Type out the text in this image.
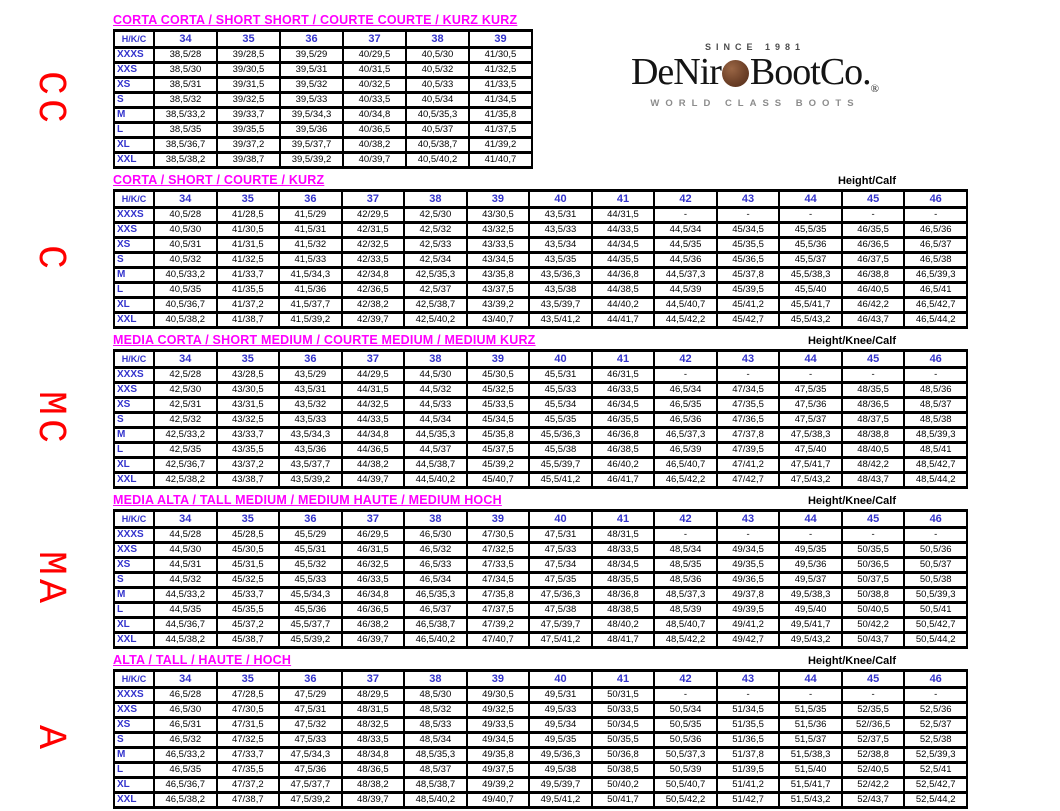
SINCE 1981
DeNir $BootCo._®$
WORLD CLASS BOOTS
CORTA CORTA / SHORT SHORT / COURTE COURTE / KURZ KURZ
CC
H/K/C	34	35	36	37	38	39
XXXS	38,5/28	39/28,5	39,5/29	40/29,5	40,5/30	41/30,5
XXS	38,5/30	39/30,5	39,5/31	40/31,5	40,5/32	41/32,5
XS	38,5/31	39/31,5	39,5/32	40/32,5	40,5/33	41/33,5
S	38,5/32	39/32,5	39,5/33	40/33,5	40,5/34	41/34,5
M	38,5/33,2	39/33,7	39,5/34,3	40/34,8	40,5/35,3	41/35,8
L	38,5/35	39/35,5	39,5/36	40/36,5	40,5/37	41/37,5
XL	38,5/36,7	39/37,2	39,5/37,7	40/38,2	40,5/38,7	41/39,2
XXL	38,5/38,2	39/38,7	39,5/39,2	40/39,7	40,5/40,2	41/40,7
CORTA / SHORT / COURTE / KURZ	Height/Calf
C
H/K/C	34	35	36	37	38	39	40	41	42	43	44	45	46
XXXS	40,5/28	41/28,5	41,5/29	42/29,5	42,5/30	43/30,5	43,5/31	44/31,5	-	-	-	-	-
XXS	40,5/30	41/30,5	41,5/31	42/31,5	42,5/32	43/32,5	43,5/33	44/33,5	44,5/34	45/34,5	45,5/35	46/35,5	46,5/36
XS	40,5/31	41/31,5	41,5/32	42/32,5	42,5/33	43/33,5	43,5/34	44/34,5	44,5/35	45/35,5	45,5/36	46/36,5	46,5/37
S	40,5/32	41/32,5	41,5/33	42/33,5	42,5/34	43/34,5	43,5/35	44/35,5	44,5/36	45/36,5	45,5/37	46/37,5	46,5/38
M	40,5/33,2	41/33,7	41,5/34,3	42/34,8	42,5/35,3	43/35,8	43,5/36,3	44/36,8	44,5/37,3	45/37,8	45,5/38,3	46/38,8	46,5/39,3
L	40,5/35	41/35,5	41,5/36	42/36,5	42,5/37	43/37,5	43,5/38	44/38,5	44,5/39	45/39,5	45,5/40	46/40,5	46,5/41
XL	40,5/36,7	41/37,2	41,5/37,7	42/38,2	42,5/38,7	43/39,2	43,5/39,7	44/40,2	44,5/40,7	45/41,2	45,5/41,7	46/42,2	46,5/42,7
XXL	40,5/38,2	41/38,7	41,5/39,2	42/39,7	42,5/40,2	43/40,7	43,5/41,2	44/41,7	44,5/42,2	45/42,7	45,5/43,2	46/43,7	46,5/44,2
MEDIA CORTA / SHORT MEDIUM / COURTE MEDIUM / MEDIUM KURZ	Height/Knee/Calf
MC
H/K/C	34	35	36	37	38	39	40	41	42	43	44	45	46
XXXS	42,5/28	43/28,5	43,5/29	44/29,5	44,5/30	45/30,5	45,5/31	46/31,5	-	-	-	-	-
XXS	42,5/30	43/30,5	43,5/31	44/31,5	44,5/32	45/32,5	45,5/33	46/33,5	46,5/34	47/34,5	47,5/35	48/35,5	48,5/36
XS	42,5/31	43/31,5	43,5/32	44/32,5	44,5/33	45/33,5	45,5/34	46/34,5	46,5/35	47/35,5	47,5/36	48/36,5	48,5/37
S	42,5/32	43/32,5	43,5/33	44/33,5	44,5/34	45/34,5	45,5/35	46/35,5	46,5/36	47/36,5	47,5/37	48/37,5	48,5/38
M	42,5/33,2	43/33,7	43,5/34,3	44/34,8	44,5/35,3	45/35,8	45,5/36,3	46/36,8	46,5/37,3	47/37,8	47,5/38,3	48/38,8	48,5/39,3
L	42,5/35	43/35,5	43,5/36	44/36,5	44,5/37	45/37,5	45,5/38	46/38,5	46,5/39	47/39,5	47,5/40	48/40,5	48,5/41
XL	42,5/36,7	43/37,2	43,5/37,7	44/38,2	44,5/38,7	45/39,2	45,5/39,7	46/40,2	46,5/40,7	47/41,2	47,5/41,7	48/42,2	48,5/42,7
XXL	42,5/38,2	43/38,7	43,5/39,2	44/39,7	44,5/40,2	45/40,7	45,5/41,2	46/41,7	46,5/42,2	47/42,7	47,5/43,2	48/43,7	48,5/44,2
MEDIA ALTA / TALL MEDIUM / MEDIUM HAUTE / MEDIUM HOCH	Height/Knee/Calf
MA
H/K/C	34	35	36	37	38	39	40	41	42	43	44	45	46
XXXS	44,5/28	45/28,5	45,5/29	46/29,5	46,5/30	47/30,5	47,5/31	48/31,5	-	-	-	-	-
XXS	44,5/30	45/30,5	45,5/31	46/31,5	46,5/32	47/32,5	47,5/33	48/33,5	48,5/34	49/34,5	49,5/35	50/35,5	50,5/36
XS	44,5/31	45/31,5	45,5/32	46/32,5	46,5/33	47/33,5	47,5/34	48/34,5	48,5/35	49/35,5	49,5/36	50/36,5	50,5/37
S	44,5/32	45/32,5	45,5/33	46/33,5	46,5/34	47/34,5	47,5/35	48/35,5	48,5/36	49/36,5	49,5/37	50/37,5	50,5/38
M	44,5/33,2	45/33,7	45,5/34,3	46/34,8	46,5/35,3	47/35,8	47,5/36,3	48/36,8	48,5/37,3	49/37,8	49,5/38,3	50/38,8	50,5/39,3
L	44,5/35	45/35,5	45,5/36	46/36,5	46,5/37	47/37,5	47,5/38	48/38,5	48,5/39	49/39,5	49,5/40	50/40,5	50,5/41
XL	44,5/36,7	45/37,2	45,5/37,7	46/38,2	46,5/38,7	47/39,2	47,5/39,7	48/40,2	48,5/40,7	49/41,2	49,5/41,7	50/42,2	50,5/42,7
XXL	44,5/38,2	45/38,7	45,5/39,2	46/39,7	46,5/40,2	47/40,7	47,5/41,2	48/41,7	48,5/42,2	49/42,7	49,5/43,2	50/43,7	50,5/44,2
ALTA / TALL / HAUTE / HOCH	Height/Knee/Calf
A
H/K/C	34	35	36	37	38	39	40	41	42	43	44	45	46
XXXS	46,5/28	47/28,5	47,5/29	48/29,5	48,5/30	49/30,5	49,5/31	50/31,5	-	-	-	-	-
XXS	46,5/30	47/30,5	47,5/31	48/31,5	48,5/32	49/32,5	49,5/33	50/33,5	50,5/34	51/34,5	51,5/35	52/35,5	52,5/36
XS	46,5/31	47/31,5	47,5/32	48/32,5	48,5/33	49/33,5	49,5/34	50/34,5	50,5/35	51/35,5	51,5/36	52//36,5	52,5/37
S	46,5/32	47/32,5	47,5/33	48/33,5	48,5/34	49/34,5	49,5/35	50/35,5	50,5/36	51/36,5	51,5/37	52/37,5	52,5/38
M	46,5/33,2	47/33,7	47,5/34,3	48/34,8	48,5/35,3	49/35,8	49,5/36,3	50/36,8	50,5/37,3	51/37,8	51,5/38,3	52/38,8	52,5/39,3
L	46,5/35	47/35,5	47,5/36	48/36,5	48,5/37	49/37,5	49,5/38	50/38,5	50,5/39	51/39,5	51,5/40	52/40,5	52,5/41
XL	46,5/36,7	47/37,2	47,5/37,7	48/38,2	48,5/38,7	49/39,2	49,5/39,7	50/40,2	50,5/40,7	51/41,2	51,5/41,7	52/42,2	52,5/42,7
XXL	46,5/38,2	47/38,7	47,5/39,2	48/39,7	48,5/40,2	49/40,7	49,5/41,2	50/41,7	50,5/42,2	51/42,7	51,5/43,2	52/43,7	52,5/44,2
